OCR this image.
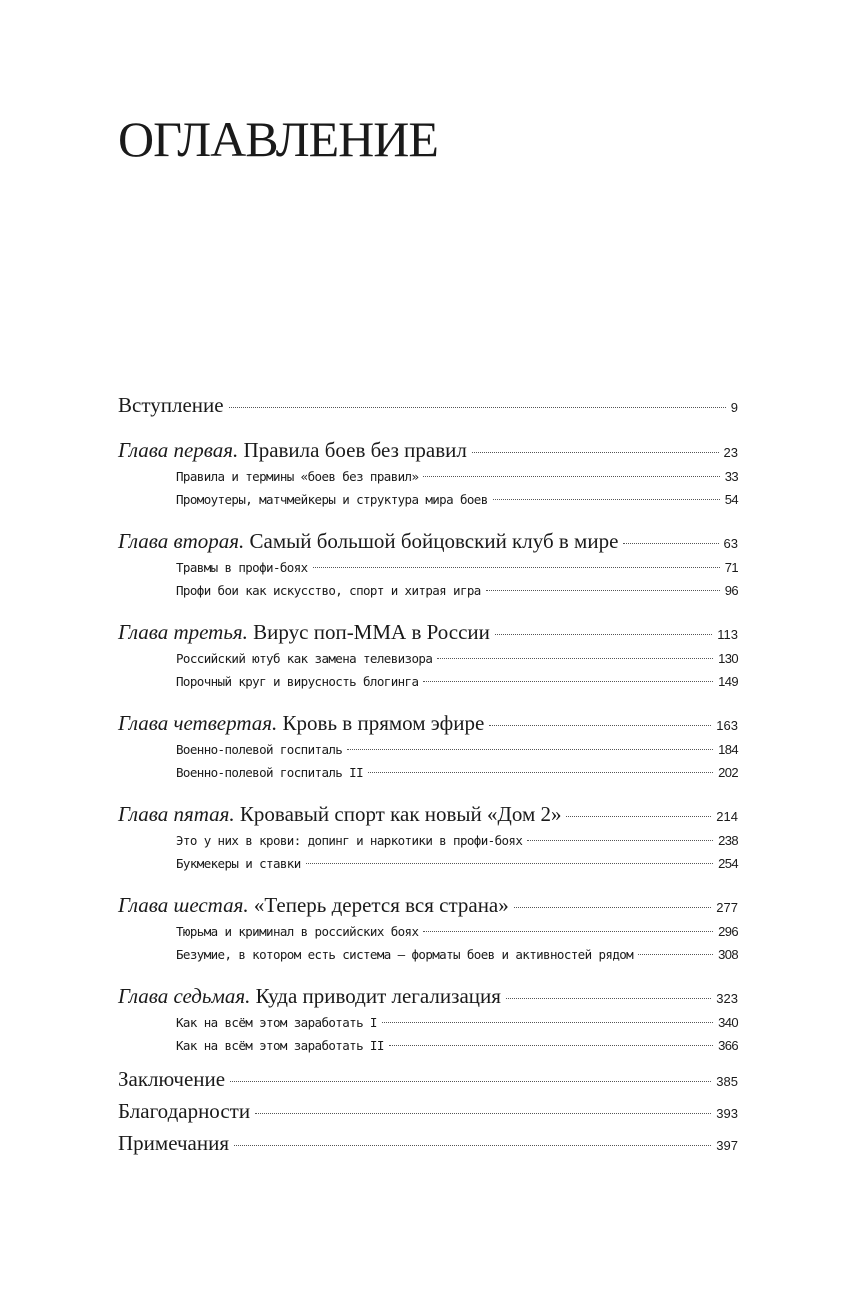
ОГЛАВЛЕНИЕ
Вступление	9
Глава первая. Правила боев без правил	23
Правила и термины «боев без правил»	33
Промоутеры, матчмейкеры и структура мира боев	54
Глава вторая. Самый большой бойцовский клуб в мире	63
Травмы в профи-боях	71
Профи бои как искусство, спорт и хитрая игра	96
Глава третья. Вирус поп-ММА в России	113
Российский ютуб как замена телевизора	130
Порочный круг и вирусность блогинга	149
Глава четвертая. Кровь в прямом эфире	163
Военно-полевой госпиталь	184
Военно-полевой госпиталь II	202
Глава пятая. Кровавый спорт как новый «Дом 2»	214
Это у них в крови: допинг и наркотики в профи-боях	238
Букмекеры и ставки	254
Глава шестая. «Теперь дерется вся страна»	277
Тюрьма и криминал в российских боях	296
Безумие, в котором есть система – форматы боев и активностей рядом	308
Глава седьмая. Куда приводит легализация	323
Как на всём этом заработать I	340
Как на всём этом заработать II	366
Заключение	385
Благодарности	393
Примечания	397
